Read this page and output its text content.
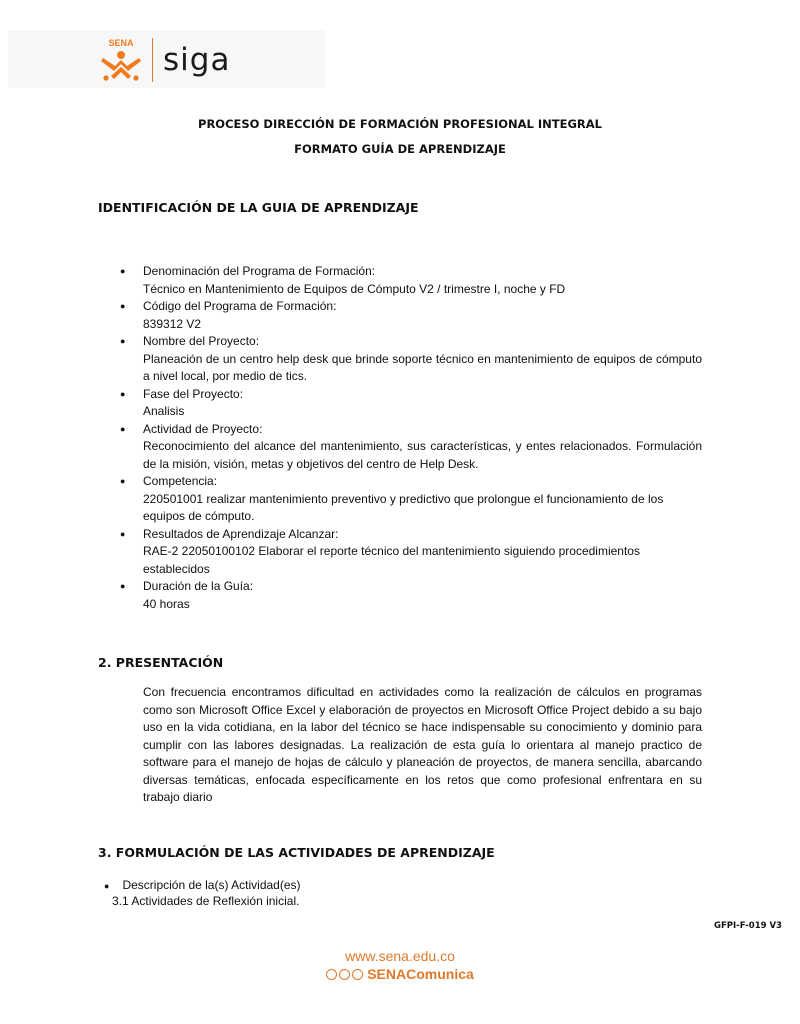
SENA siga
PROCESO DIRECCIÓN DE FORMACIÓN PROFESIONAL INTEGRAL
FORMATO GUÍA DE APRENDIZAJE
IDENTIFICACIÓN DE LA GUIA DE APRENDIZAJE
● Denominación del Programa de Formación:
Técnico en Mantenimiento de Equipos de Cómputo V2 / trimestre I, noche y FD
● Código del Programa de Formación:
839312 V2
● Nombre del Proyecto:
Planeación de un centro help desk que brinde soporte técnico en mantenimiento de equipos de cómputo a nivel local, por medio de tics.
● Fase del Proyecto:
Analisis
● Actividad de Proyecto:
Reconocimiento del alcance del mantenimiento, sus características, y entes relacionados. Formulación de la misión, visión, metas y objetivos del centro de Help Desk.
● Competencia:
220501001 realizar mantenimiento preventivo y predictivo que prolongue el funcionamiento de los equipos de cómputo.
● Resultados de Aprendizaje Alcanzar:
RAE-2 22050100102 Elaborar el reporte técnico del mantenimiento siguiendo procedimientos establecidos
● Duración de la Guía:
40 horas
2. PRESENTACIÓN

Con frecuencia encontramos dificultad en actividades como la realización de cálculos en programas como son Microsoft Office Excel y elaboración de proyectos en Microsoft Office Project debido a su bajo uso en la vida cotidiana, en la labor del técnico se hace indispensable su conocimiento y dominio para cumplir con las labores designadas. La realización de esta guía lo orientara al manejo practico de software para el manejo de hojas de cálculo y planeación de proyectos, de manera sencilla, abarcando diversas temáticas, enfocada específicamente en los retos que como profesional enfrentara en su trabajo diario

3. FORMULACIÓN DE LAS ACTIVIDADES DE APRENDIZAJE
● Descripción de la(s) Actividad(es)
3.1 Actividades de Reflexión inicial.
GFPI-F-019 V3
www.sena.edu.co
SENAComunica
